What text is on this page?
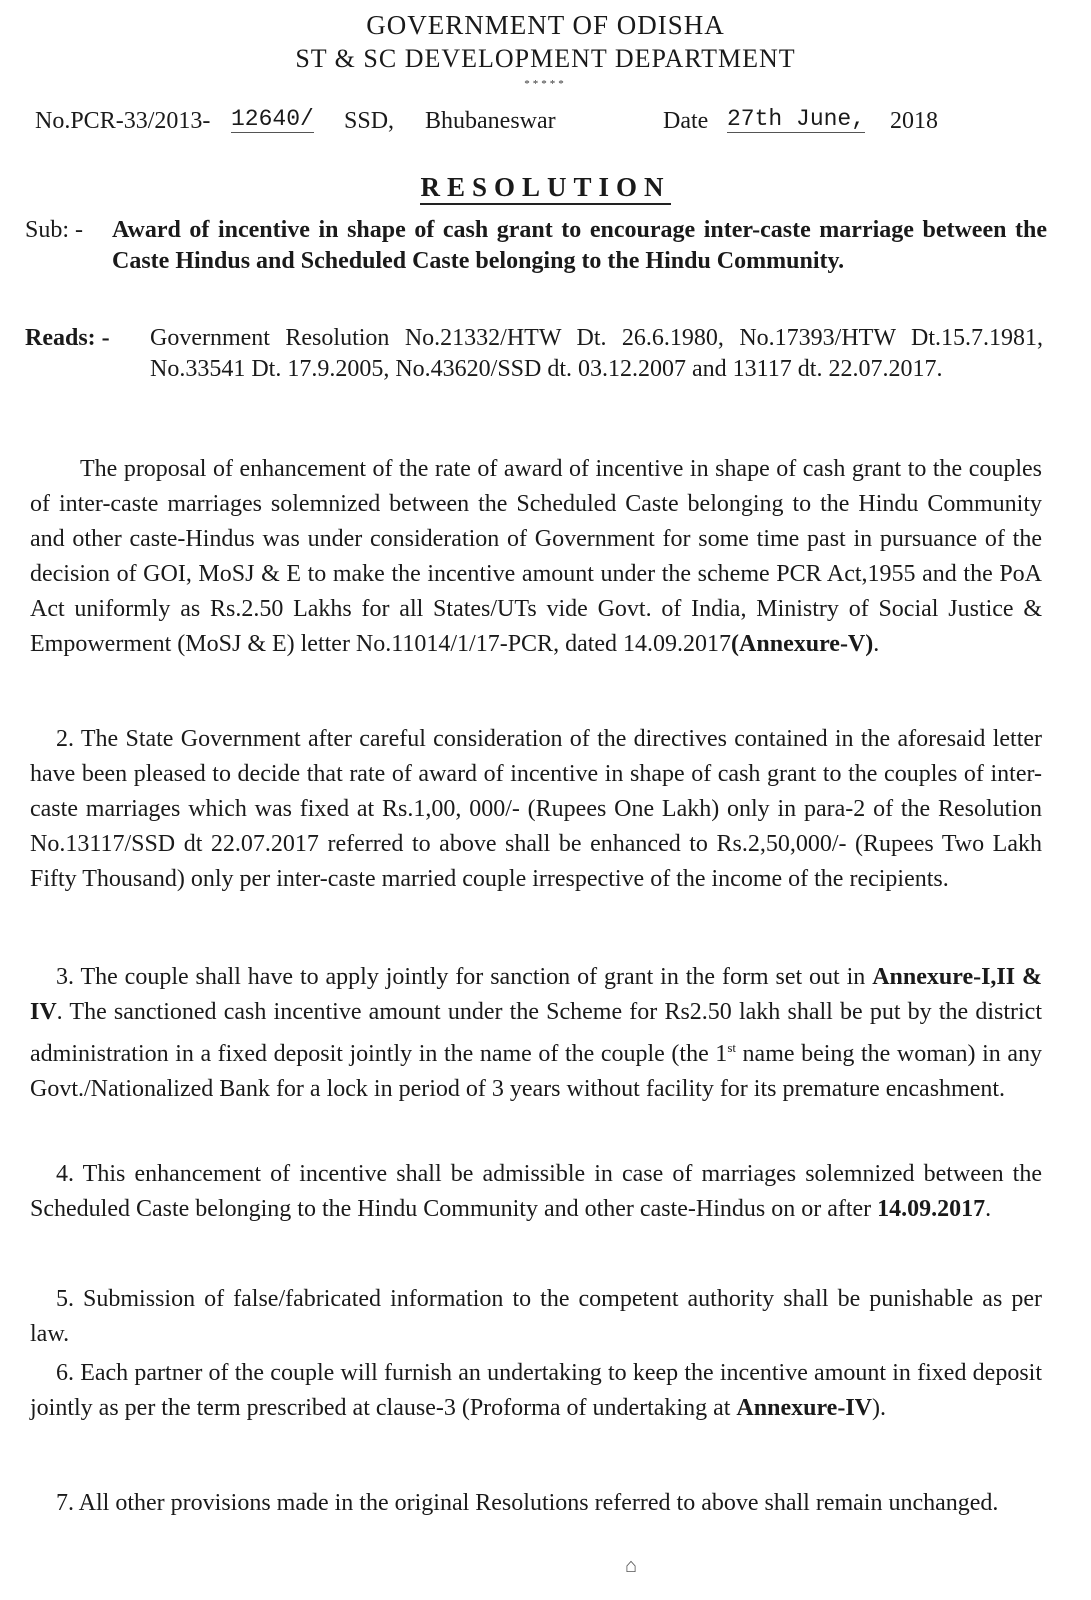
GOVERNMENT OF ODISHA
ST & SC DEVELOPMENT DEPARTMENT
*****
No.PCR-33/2013- 12640/ SSD, Bhubaneswar	Date 27th June, 2018
RESOLUTION
Sub: - Award of incentive in shape of cash grant to encourage inter-caste marriage between the Caste Hindus and Scheduled Caste belonging to the Hindu Community.
Reads: - Government Resolution No.21332/HTW Dt. 26.6.1980, No.17393/HTW Dt.15.7.1981, No.33541 Dt. 17.9.2005, No.43620/SSD dt. 03.12.2007 and 13117 dt. 22.07.2017.
The proposal of enhancement of the rate of award of incentive in shape of cash grant to the couples of inter-caste marriages solemnized between the Scheduled Caste belonging to the Hindu Community and other caste-Hindus was under consideration of Government for some time past in pursuance of the decision of GOI, MoSJ & E to make the incentive amount under the scheme PCR Act,1955 and the PoA Act uniformly as Rs.2.50 Lakhs for all States/UTs vide Govt. of India, Ministry of Social Justice & Empowerment (MoSJ & E) letter No.11014/1/17-PCR, dated 14.09.2017(Annexure-V).
2. The State Government after careful consideration of the directives contained in the aforesaid letter have been pleased to decide that rate of award of incentive in shape of cash grant to the couples of inter-caste marriages which was fixed at Rs.1,00, 000/- (Rupees One Lakh) only in para-2 of the Resolution No.13117/SSD dt 22.07.2017 referred to above shall be enhanced to Rs.2,50,000/- (Rupees Two Lakh Fifty Thousand) only per inter-caste married couple irrespective of the income of the recipients.
3. The couple shall have to apply jointly for sanction of grant in the form set out in Annexure-I,II & IV. The sanctioned cash incentive amount under the Scheme for Rs2.50 lakh shall be put by the district administration in a fixed deposit jointly in the name of the couple (the 1st name being the woman) in any Govt./Nationalized Bank for a lock in period of 3 years without facility for its premature encashment.
4. This enhancement of incentive shall be admissible in case of marriages solemnized between the Scheduled Caste belonging to the Hindu Community and other caste-Hindus on or after 14.09.2017.
5. Submission of false/fabricated information to the competent authority shall be punishable as per law.
6. Each partner of the couple will furnish an undertaking to keep the incentive amount in fixed deposit jointly as per the term prescribed at clause-3 (Proforma of undertaking at Annexure-IV).
7. All other provisions made in the original Resolutions referred to above shall remain unchanged.
⌂
